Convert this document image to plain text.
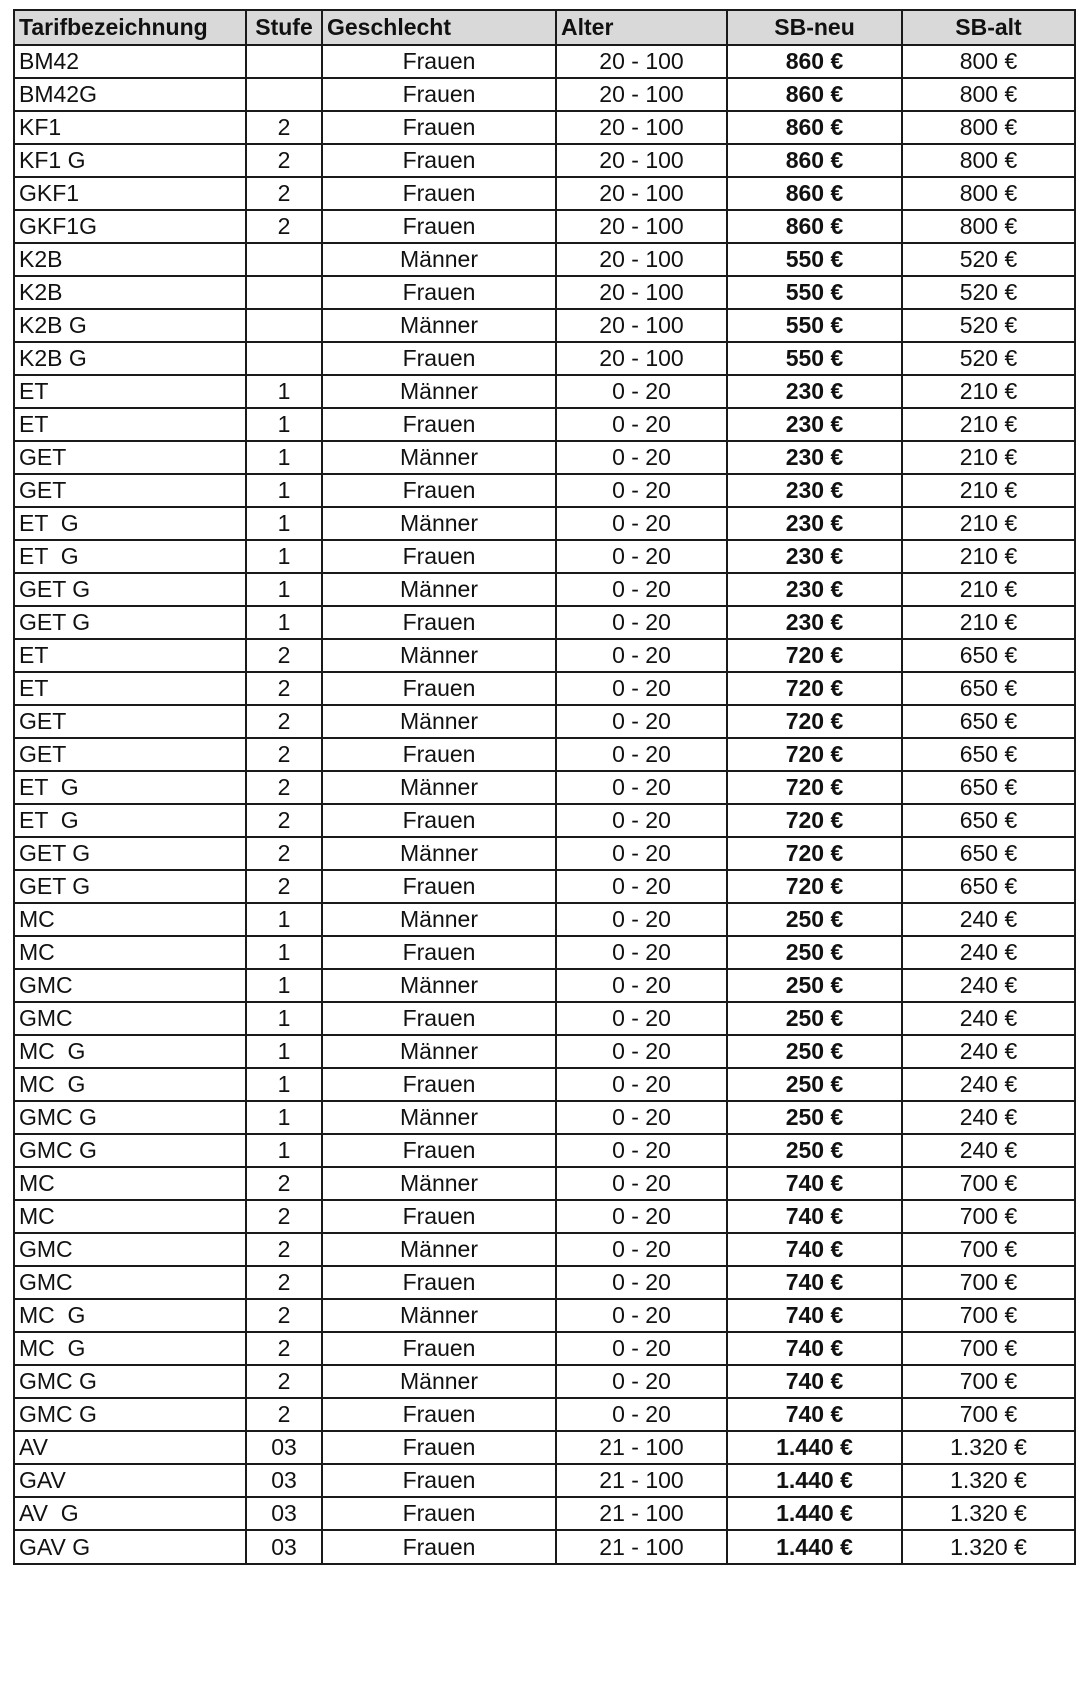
Tarifbezeichnung	Stufe	Geschlecht	Alter	SB-neu	SB-alt
BM42		Frauen	20 - 100	860 €	800 €
BM42G		Frauen	20 - 100	860 €	800 €
KF1	2	Frauen	20 - 100	860 €	800 €
KF1 G	2	Frauen	20 - 100	860 €	800 €
GKF1	2	Frauen	20 - 100	860 €	800 €
GKF1G	2	Frauen	20 - 100	860 €	800 €
K2B		Männer	20 - 100	550 €	520 €
K2B		Frauen	20 - 100	550 €	520 €
K2B G		Männer	20 - 100	550 €	520 €
K2B G		Frauen	20 - 100	550 €	520 €
ET	1	Männer	0 - 20	230 €	210 €
ET	1	Frauen	0 - 20	230 €	210 €
GET	1	Männer	0 - 20	230 €	210 €
GET	1	Frauen	0 - 20	230 €	210 €
ET  G	1	Männer	0 - 20	230 €	210 €
ET  G	1	Frauen	0 - 20	230 €	210 €
GET G	1	Männer	0 - 20	230 €	210 €
GET G	1	Frauen	0 - 20	230 €	210 €
ET	2	Männer	0 - 20	720 €	650 €
ET	2	Frauen	0 - 20	720 €	650 €
GET	2	Männer	0 - 20	720 €	650 €
GET	2	Frauen	0 - 20	720 €	650 €
ET  G	2	Männer	0 - 20	720 €	650 €
ET  G	2	Frauen	0 - 20	720 €	650 €
GET G	2	Männer	0 - 20	720 €	650 €
GET G	2	Frauen	0 - 20	720 €	650 €
MC	1	Männer	0 - 20	250 €	240 €
MC	1	Frauen	0 - 20	250 €	240 €
GMC	1	Männer	0 - 20	250 €	240 €
GMC	1	Frauen	0 - 20	250 €	240 €
MC  G	1	Männer	0 - 20	250 €	240 €
MC  G	1	Frauen	0 - 20	250 €	240 €
GMC G	1	Männer	0 - 20	250 €	240 €
GMC G	1	Frauen	0 - 20	250 €	240 €
MC	2	Männer	0 - 20	740 €	700 €
MC	2	Frauen	0 - 20	740 €	700 €
GMC	2	Männer	0 - 20	740 €	700 €
GMC	2	Frauen	0 - 20	740 €	700 €
MC  G	2	Männer	0 - 20	740 €	700 €
MC  G	2	Frauen	0 - 20	740 €	700 €
GMC G	2	Männer	0 - 20	740 €	700 €
GMC G	2	Frauen	0 - 20	740 €	700 €
AV	03	Frauen	21 - 100	1.440 €	1.320 €
GAV	03	Frauen	21 - 100	1.440 €	1.320 €
AV  G	03	Frauen	21 - 100	1.440 €	1.320 €
GAV G	03	Frauen	21 - 100	1.440 €	1.320 €
